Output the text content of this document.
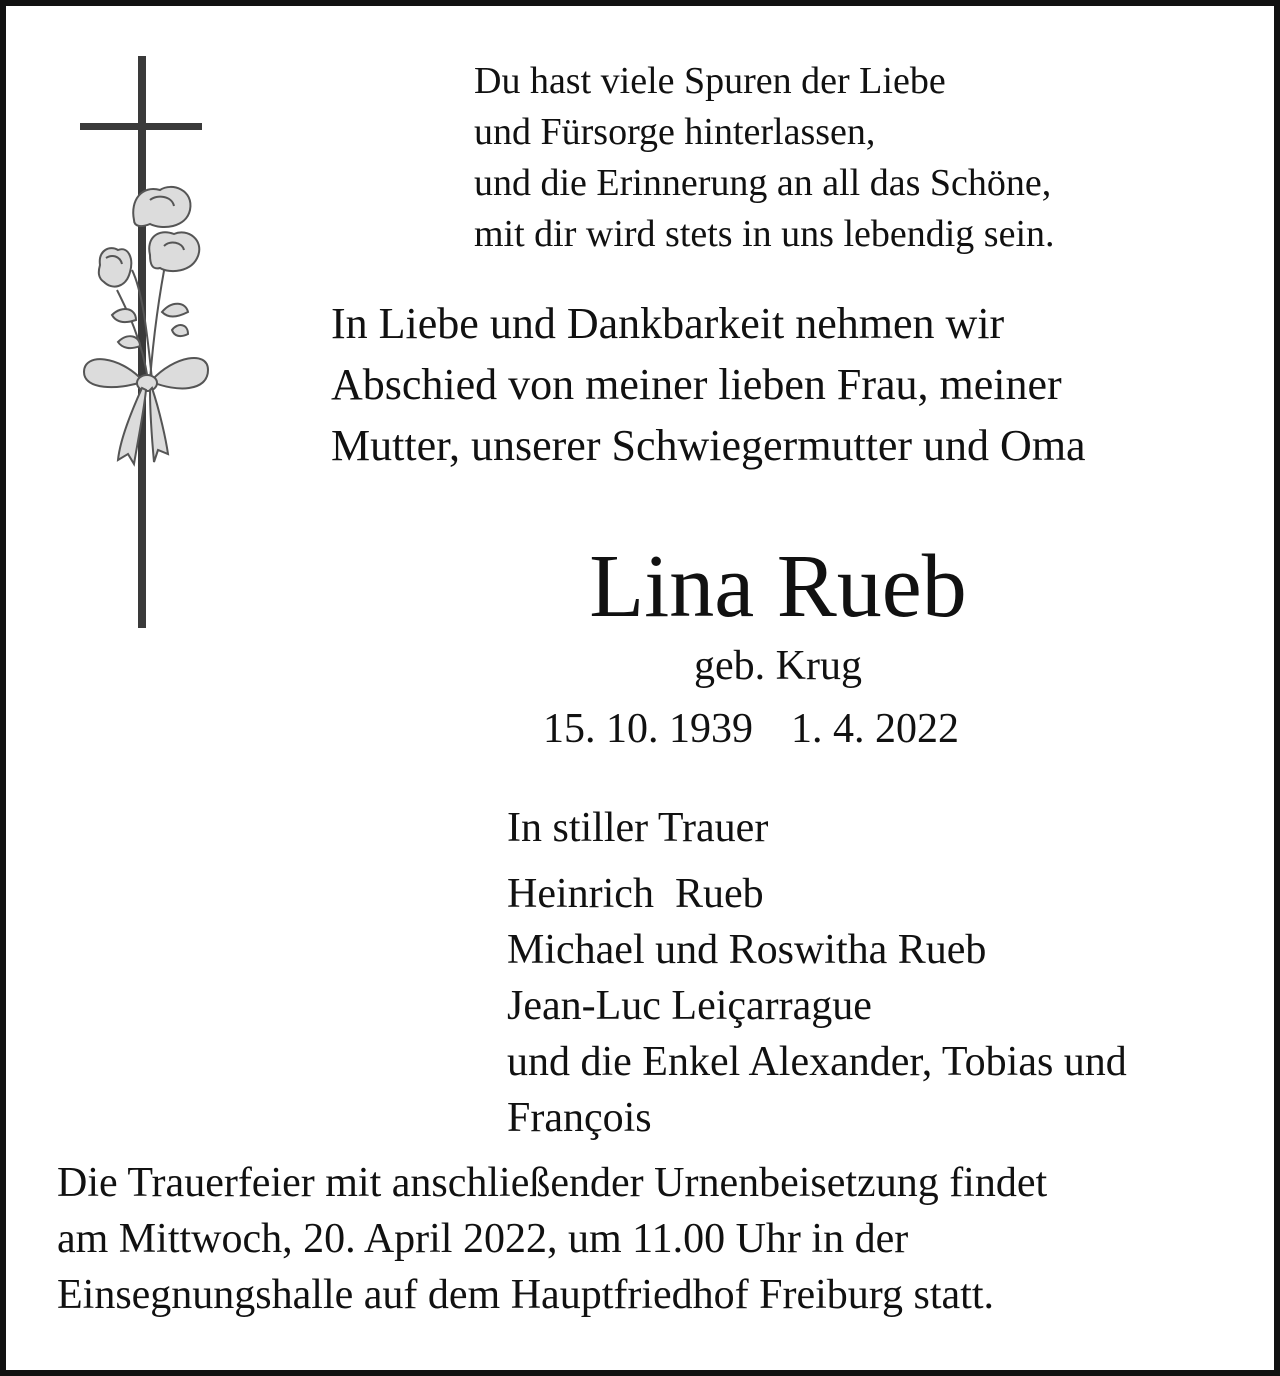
Du hast viele Spuren der Liebe
und Fürsorge hinterlassen,
und die Erinnerung an all das Schöne,
mit dir wird stets in uns lebendig sein.
In Liebe und Dankbarkeit nehmen wir
Abschied von meiner lieben Frau, meiner
Mutter, unserer Schwiegermutter und Oma
Lina Rueb
geb. Krug
15. 10. 1939 1. 4. 2022
In stiller Trauer
Heinrich  Rueb
Michael und Roswitha Rueb
Jean-Luc Leiçarrague
und die Enkel Alexander, Tobias und
François
Die Trauerfeier mit anschließender Urnenbeisetzung findet
am Mittwoch, 20. April 2022, um 11.00 Uhr in der
Einsegnungshalle auf dem Hauptfriedhof Freiburg statt.
